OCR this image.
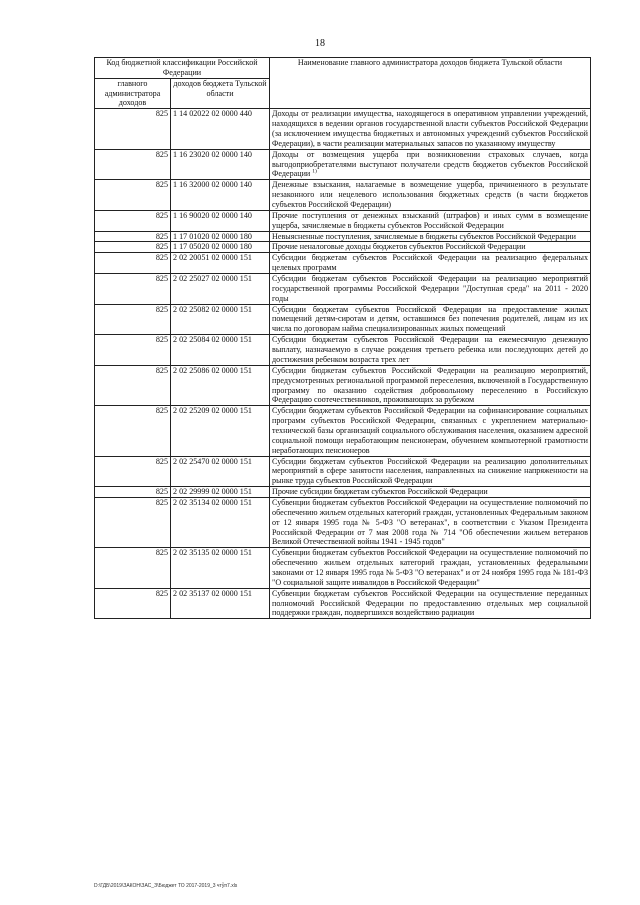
18
Код бюджетной классификации Российской Федерации		Наименование главного администратора доходов бюджета Тульской области
главного администратора доходов	доходов бюджета Тульской области	
825	1 14 02022 02 0000 440	Доходы от реализации имущества, находящегося в оперативном управлении учреждений, находящихся в ведении органов государственной власти субъектов Российской Федерации (за исключением имущества бюджетных и автономных учреждений субъектов Российской Федерации), в части реализации материальных запасов по указанному имуществу
825	1 16 23020 02 0000 140	Доходы от возмещения ущерба при возникновении страховых случаев, когда выгодоприобретателями выступают получатели средств бюджетов субъектов Российской Федерации $^{1)}$
825	1 16 32000 02 0000 140	Денежные взыскания, налагаемые в возмещение ущерба, причиненного в результате незаконного или нецелевого использования бюджетных средств (в части бюджетов субъектов Российской Федерации)
825	1 16 90020 02 0000 140	Прочие поступления от денежных взысканий (штрафов) и иных сумм в возмещение ущерба, зачисляемые в бюджеты субъектов Российской Федерации
825	1 17 01020 02 0000 180	Невыясненные поступления, зачисляемые в бюджеты субъектов Российской Федерации
825	1 17 05020 02 0000 180	Прочие неналоговые доходы бюджетов субъектов Российской Федерации
825	2 02 20051 02 0000 151	Субсидии бюджетам субъектов Российской Федерации на реализацию федеральных целевых программ
825	2 02 25027 02 0000 151	Субсидии бюджетам субъектов Российской Федерации на реализацию мероприятий государственной программы Российской Федерации "Доступная среда" на 2011 - 2020 годы
825	2 02 25082 02 0000 151	Субсидии бюджетам субъектов Российской Федерации на предоставление жилых помещений детям-сиротам и детям, оставшимся без попечения родителей, лицам из их числа по договорам найма специализированных жилых помещений
825	2 02 25084 02 0000 151	Субсидии бюджетам субъектов Российской Федерации на ежемесячную денежную выплату, назначаемую в случае рождения третьего ребенка или последующих детей до достижения ребенком возраста трех лет
825	2 02 25086 02 0000 151	Субсидии бюджетам субъектов Российской Федерации на реализацию мероприятий, предусмотренных региональной программой переселения, включенной в Государственную программу по оказанию содействия добровольному переселению в Российскую Федерацию соотечественников, проживающих за рубежом
825	2 02 25209 02 0000 151	Субсидии бюджетам субъектов Российской Федерации на софинансирование социальных программ субъектов Российской Федерации, связанных с укреплением материально-технической базы организаций социального обслуживания населения, оказанием адресной социальной помощи неработающим пенсионерам, обучением компьютерной грамотности неработающих пенсионеров
825	2 02 25470 02 0000 151	Субсидии бюджетам субъектов Российской Федерации на реализацию дополнительных мероприятий в сфере занятости населения, направленных на снижение напряженности на рынке труда субъектов Российской Федерации
825	2 02 29999 02 0000 151	Прочие субсидии бюджетам субъектов Российской Федерации
825	2 02 35134 02 0000 151	Субвенции бюджетам субъектов Российской Федерации на осуществление полномочий по обеспечению жильем отдельных категорий граждан, установленных Федеральным законом от 12 января 1995 года № 5-ФЗ "О ветеранах", в соответствии с Указом Президента Российской Федерации от 7 мая 2008 года № 714 "Об обеспечении жильем ветеранов Великой Отечественной войны 1941 - 1945 годов"
825	2 02 35135 02 0000 151	Субвенции бюджетам субъектов Российской Федерации на осуществление полномочий по обеспечению жильем отдельных категорий граждан, установленных федеральными законами от 12 января 1995 года № 5-ФЗ "О ветеранах" и от 24 ноября 1995 года № 181-ФЗ "О социальной защите инвалидов в Российской Федерации"
825	2 02 35137 02 0000 151	Субвенции бюджетам субъектов Российской Федерации на осуществление переданных полномочий Российской Федерации по предоставлению отдельных мер социальной поддержки граждан, подвергшихся воздействию радиации
D:\ГДБ\2019\ЗАКОН\ЗАС_З\Бюджет ТО 2017-2019_3 чтўп7.xls
